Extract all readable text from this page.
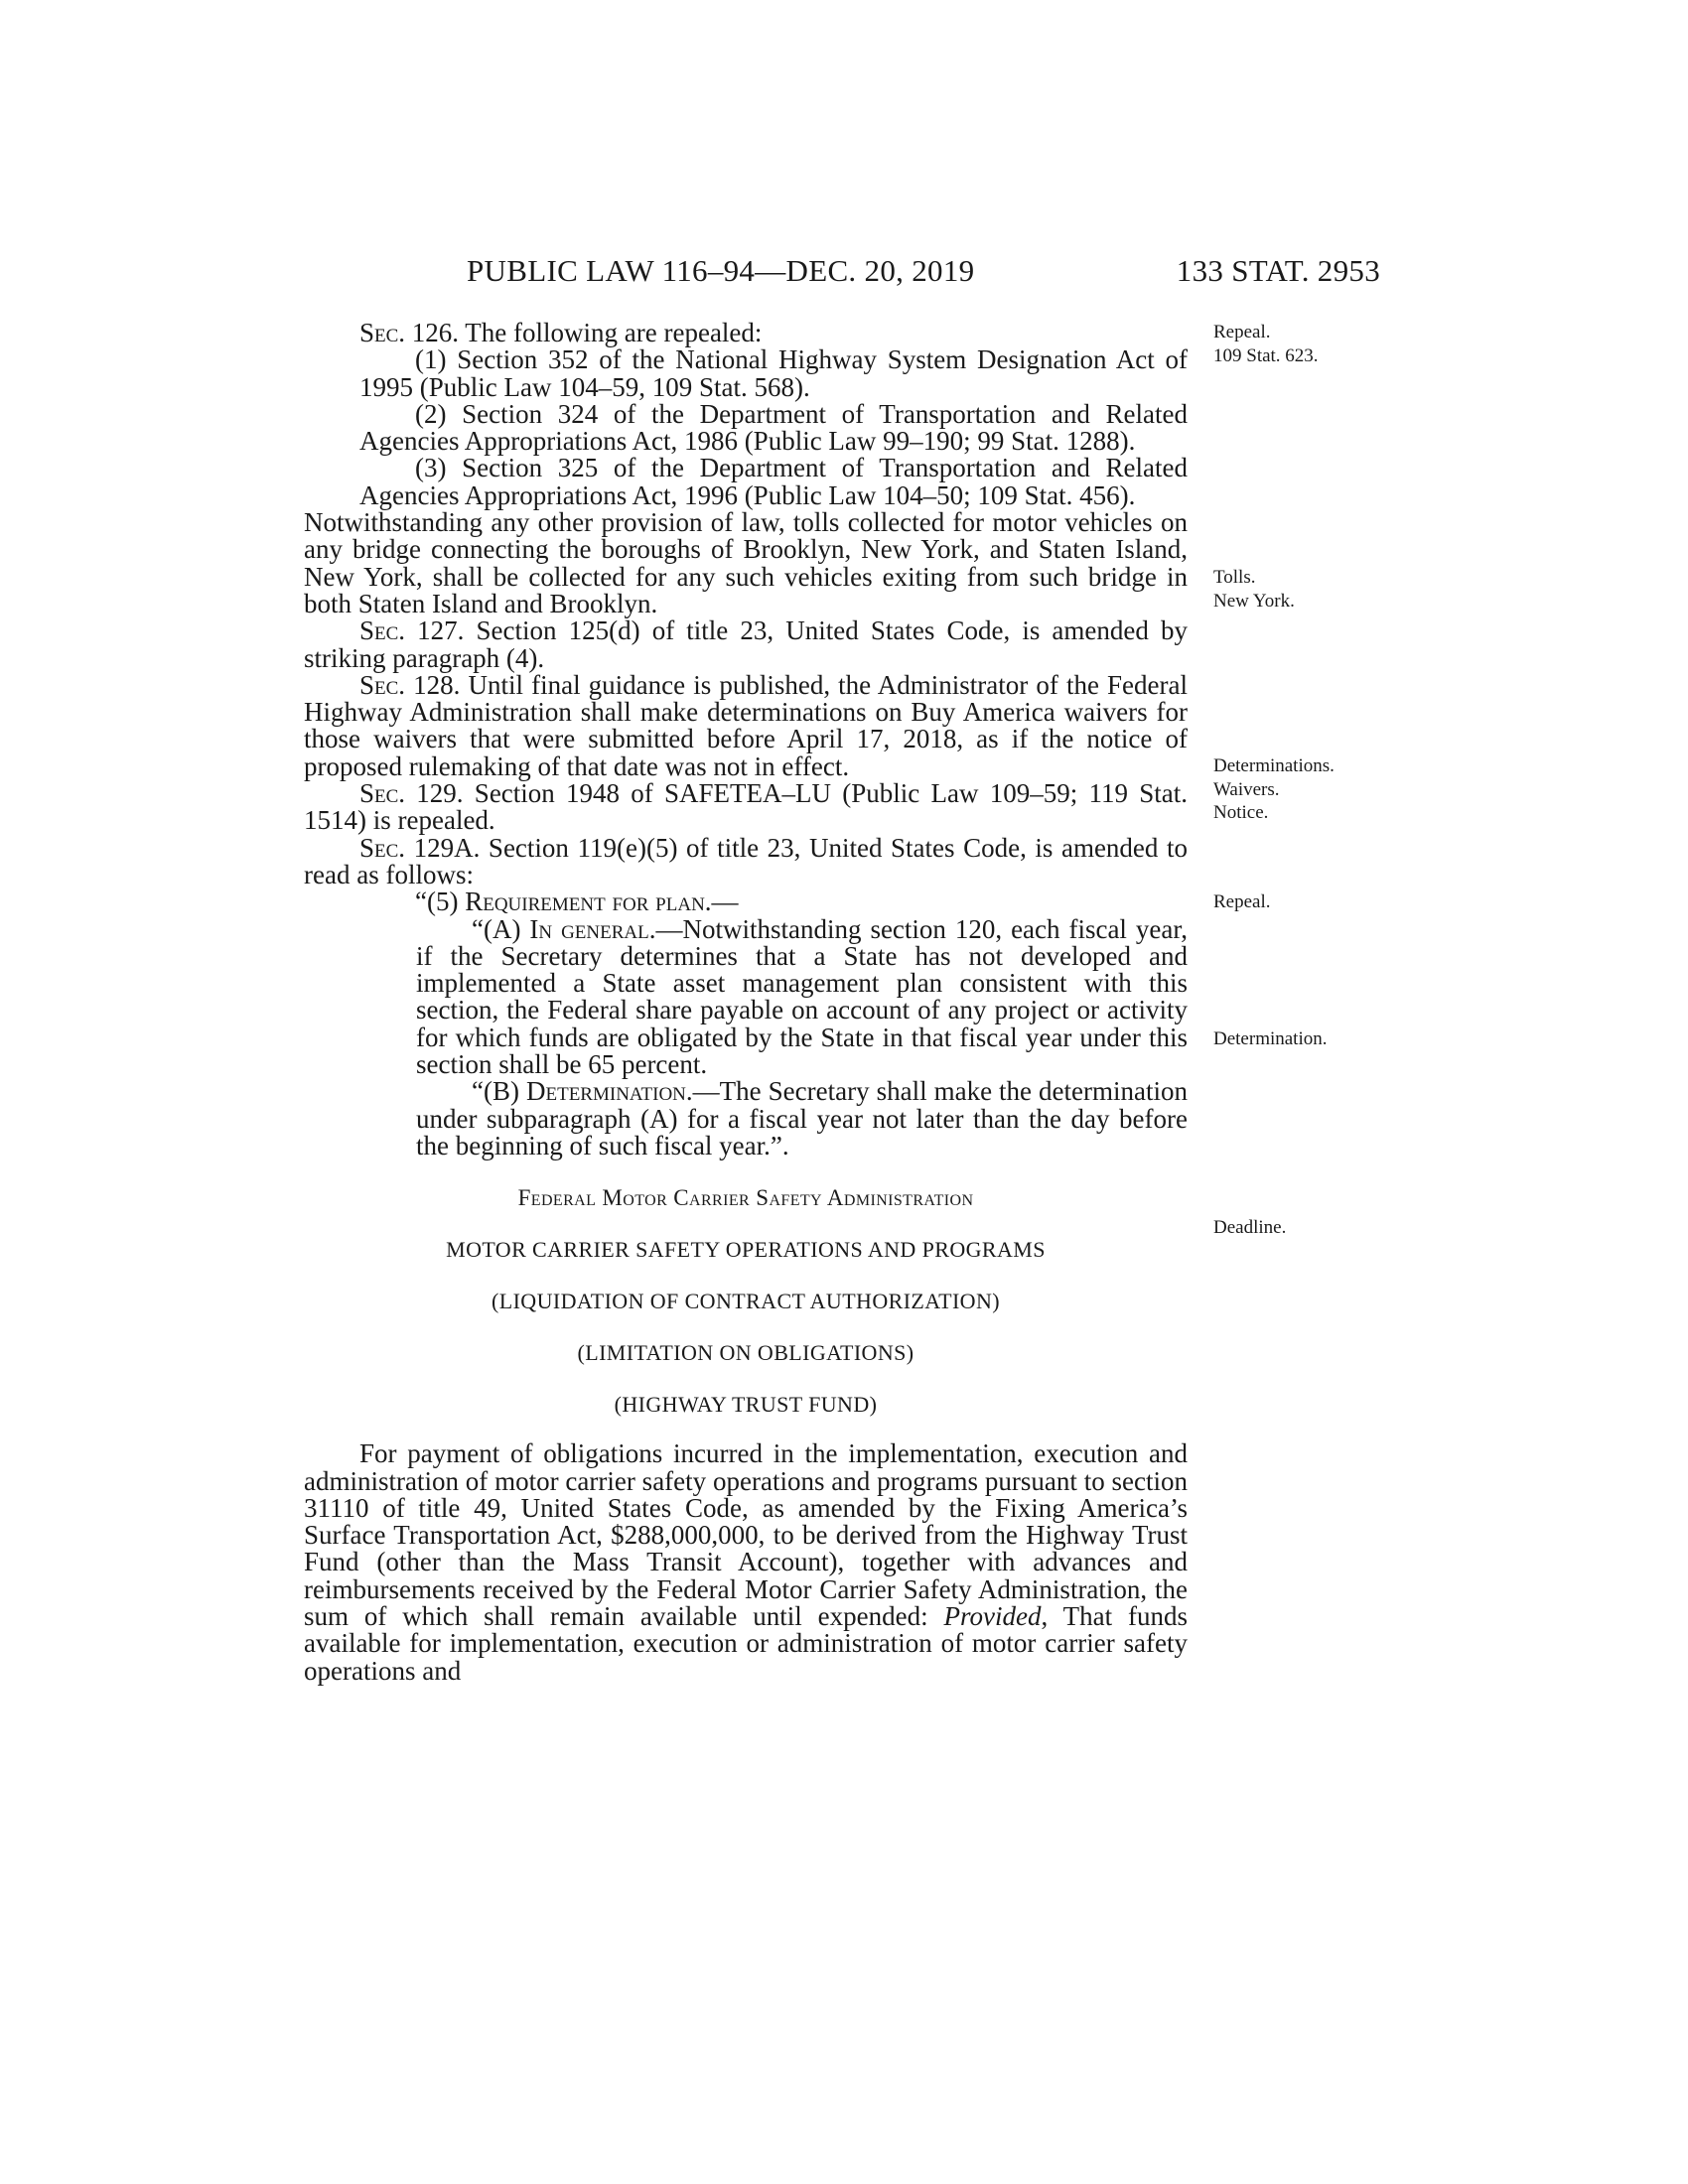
PUBLIC LAW 116–94—DEC. 20, 2019	133 STAT. 2953

Sec. 126. The following are repealed:

(1) Section 352 of the National Highway System Designation Act of 1995 (Public Law 104–59, 109 Stat. 568).

(2) Section 324 of the Department of Transportation and Related Agencies Appropriations Act, 1986 (Public Law 99–190; 99 Stat. 1288).

(3) Section 325 of the Department of Transportation and Related Agencies Appropriations Act, 1996 (Public Law 104–50; 109 Stat. 456).

Notwithstanding any other provision of law, tolls collected for motor vehicles on any bridge connecting the boroughs of Brooklyn, New York, and Staten Island, New York, shall be collected for any such vehicles exiting from such bridge in both Staten Island and Brooklyn.

Sec. 127. Section 125(d) of title 23, United States Code, is amended by striking paragraph (4).

Sec. 128. Until final guidance is published, the Administrator of the Federal Highway Administration shall make determinations on Buy America waivers for those waivers that were submitted before April 17, 2018, as if the notice of proposed rulemaking of that date was not in effect.

Sec. 129. Section 1948 of SAFETEA–LU (Public Law 109–59; 119 Stat. 1514) is repealed.

Sec. 129A. Section 119(e)(5) of title 23, United States Code, is amended to read as follows:

“(5) Requirement for plan.—

“(A) In general.—Notwithstanding section 120, each fiscal year, if the Secretary determines that a State has not developed and implemented a State asset management plan consistent with this section, the Federal share payable on account of any project or activity for which funds are obligated by the State in that fiscal year under this section shall be 65 percent.

“(B) Determination.—The Secretary shall make the determination under subparagraph (A) for a fiscal year not later than the day before the beginning of such fiscal year.”.

Federal Motor Carrier Safety Administration

MOTOR CARRIER SAFETY OPERATIONS AND PROGRAMS

(LIQUIDATION OF CONTRACT AUTHORIZATION)

(LIMITATION ON OBLIGATIONS)

(HIGHWAY TRUST FUND)

For payment of obligations incurred in the implementation, execution and administration of motor carrier safety operations and programs pursuant to section 31110 of title 49, United States Code, as amended by the Fixing America’s Surface Transportation Act, $288,000,000, to be derived from the Highway Trust Fund (other than the Mass Transit Account), together with advances and reimbursements received by the Federal Motor Carrier Safety Administration, the sum of which shall remain available until expended: Provided, That funds available for implementation, execution or administration of motor carrier safety operations and

Repeal.
109 Stat. 623.
Tolls.
New York.
Determinations.
Waivers.
Notice.
Repeal.
Determination.
Deadline.
